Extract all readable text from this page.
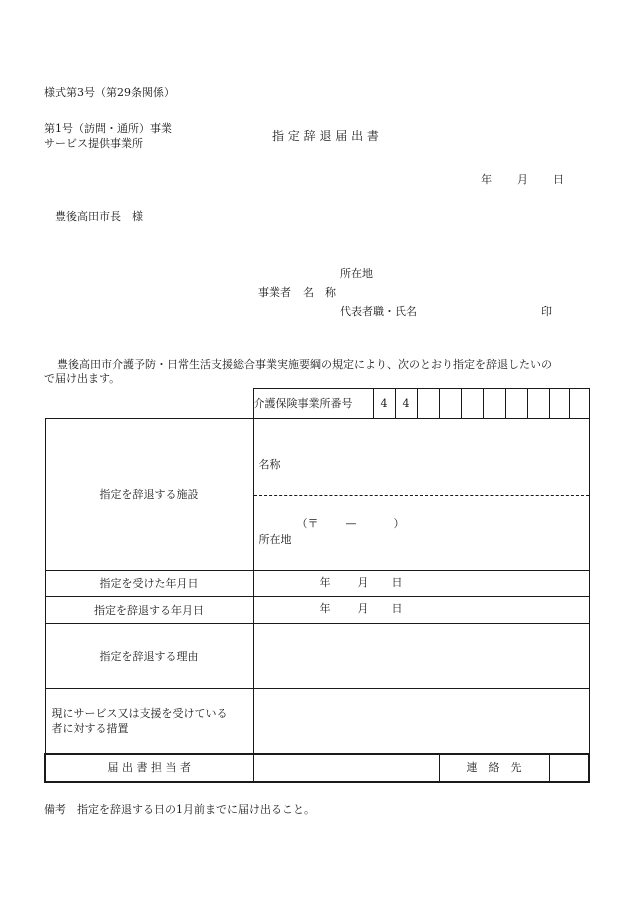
様式第3号（第29条関係）
第1号（訪問・通所）事業
サービス提供事業所
指 定 辞 退 届 出 書
年 月 日
豊後高田市長　様
所在地
事業者 名　称
代表者職・氏名	印
豊後高田市介護予防・日常生活支援総合事業実施要綱の規定により、次のとおり指定を辞退したいの
で届け出ます。
	介護保険事業所番号	4	4								
指定を辞退する施設	名称
（〒 — ）
所在地										

指定を受けた年月日	年 月 日										

指定を辞退する年月日	年 月 日										

指定を辞退する理由											

現にサービス又は支援を受けている
者に対する措置											

届 出 書 担 当 者					連　絡　先						
備考　指定を辞退する日の1月前までに届け出ること。
